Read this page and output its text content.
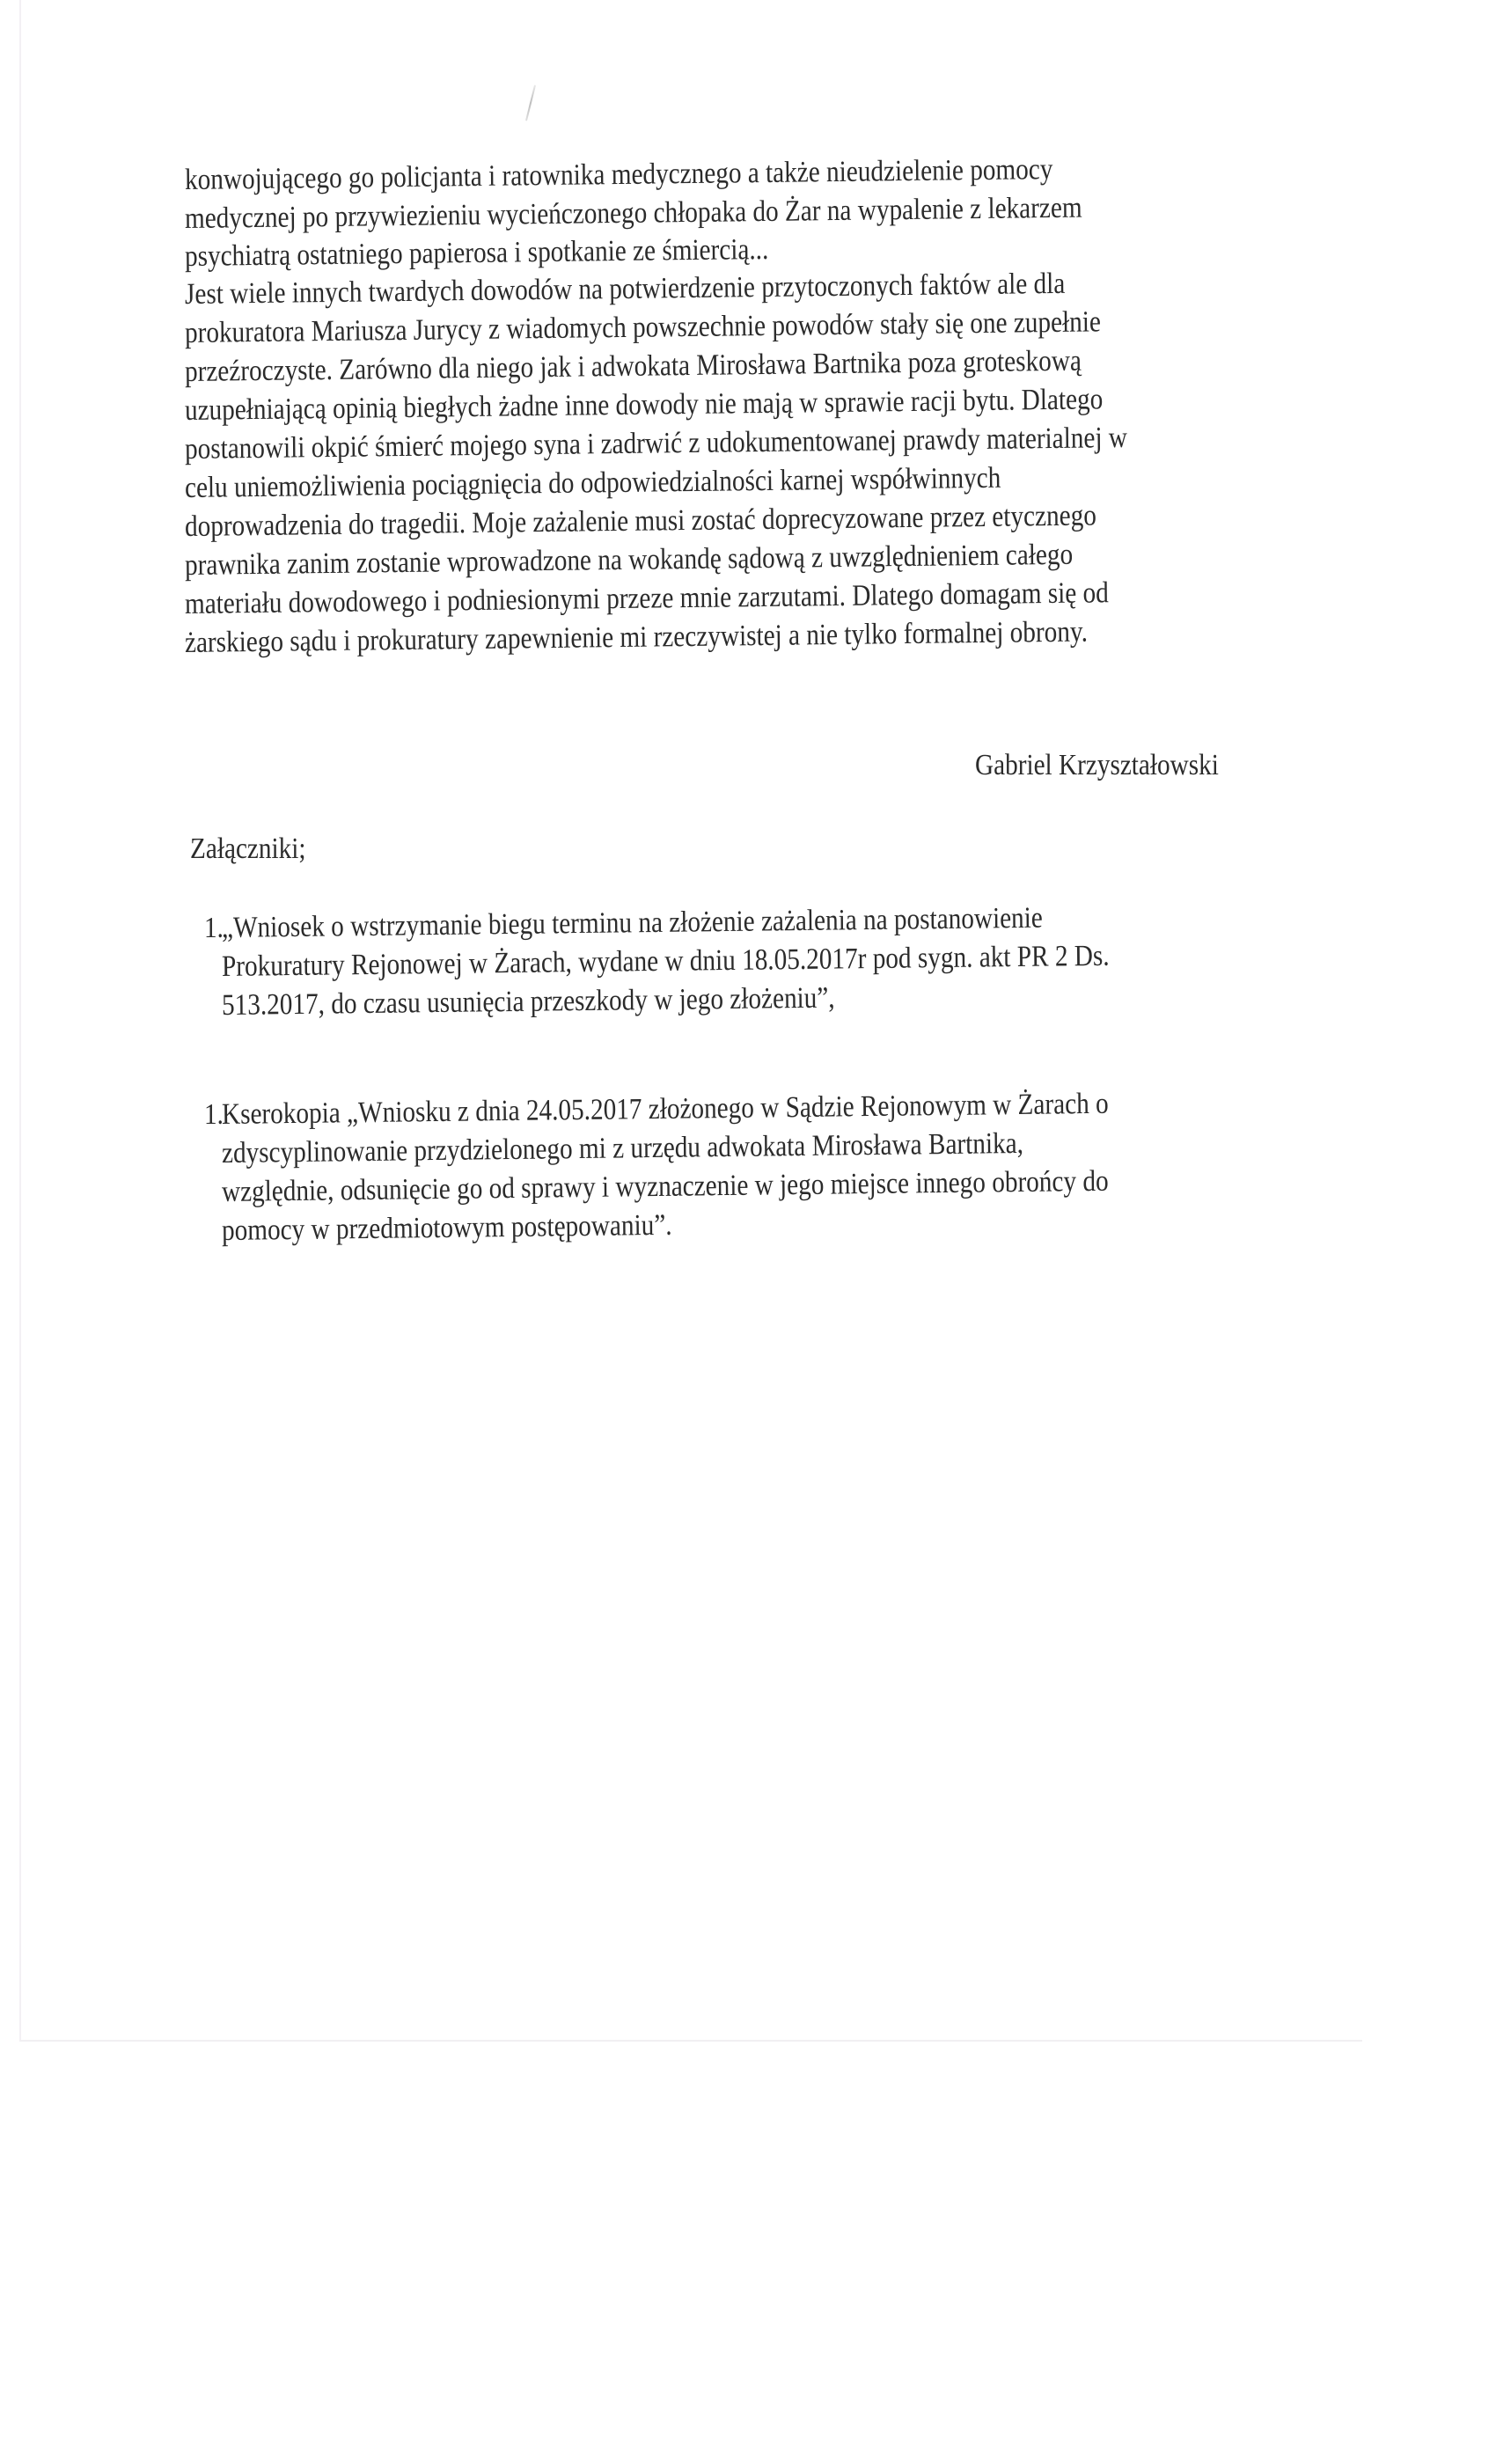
konwojującego go policjanta i ratownika medycznego a także nieudzielenie pomocy
medycznej po przywiezieniu wycieńczonego chłopaka do Żar na wypalenie z lekarzem
psychiatrą ostatniego papierosa i spotkanie ze śmiercią...
Jest wiele innych twardych dowodów na potwierdzenie przytoczonych faktów ale dla
prokuratora Mariusza Jurycy z wiadomych powszechnie powodów stały się one zupełnie
przeźroczyste. Zarówno dla niego jak i adwokata Mirosława Bartnika poza groteskową
uzupełniającą opinią biegłych żadne inne dowody nie mają w sprawie racji bytu. Dlatego
postanowili okpić śmierć mojego syna i zadrwić z udokumentowanej prawdy materialnej w
celu uniemożliwienia pociągnięcia do odpowiedzialności karnej współwinnych
doprowadzenia do tragedii. Moje zażalenie musi zostać doprecyzowane przez etycznego
prawnika zanim zostanie wprowadzone na wokandę sądową z uwzględnieniem całego
materiału dowodowego i podniesionymi przeze mnie zarzutami. Dlatego domagam się od
żarskiego sądu i prokuratury zapewnienie mi rzeczywistej a nie tylko formalnej obrony.
Gabriel Krzyształowski
Załączniki;
1.
„Wniosek o wstrzymanie biegu terminu na złożenie zażalenia na postanowienie
Prokuratury Rejonowej w Żarach, wydane w dniu 18.05.2017r pod sygn. akt PR 2 Ds.
513.2017, do czasu usunięcia przeszkody w jego złożeniu”,
1.
Kserokopia „Wniosku z dnia 24.05.2017 złożonego w Sądzie Rejonowym w Żarach o
zdyscyplinowanie przydzielonego mi z urzędu adwokata Mirosława Bartnika,
względnie, odsunięcie go od sprawy i wyznaczenie w jego miejsce innego obrońcy do
pomocy w przedmiotowym postępowaniu”.
